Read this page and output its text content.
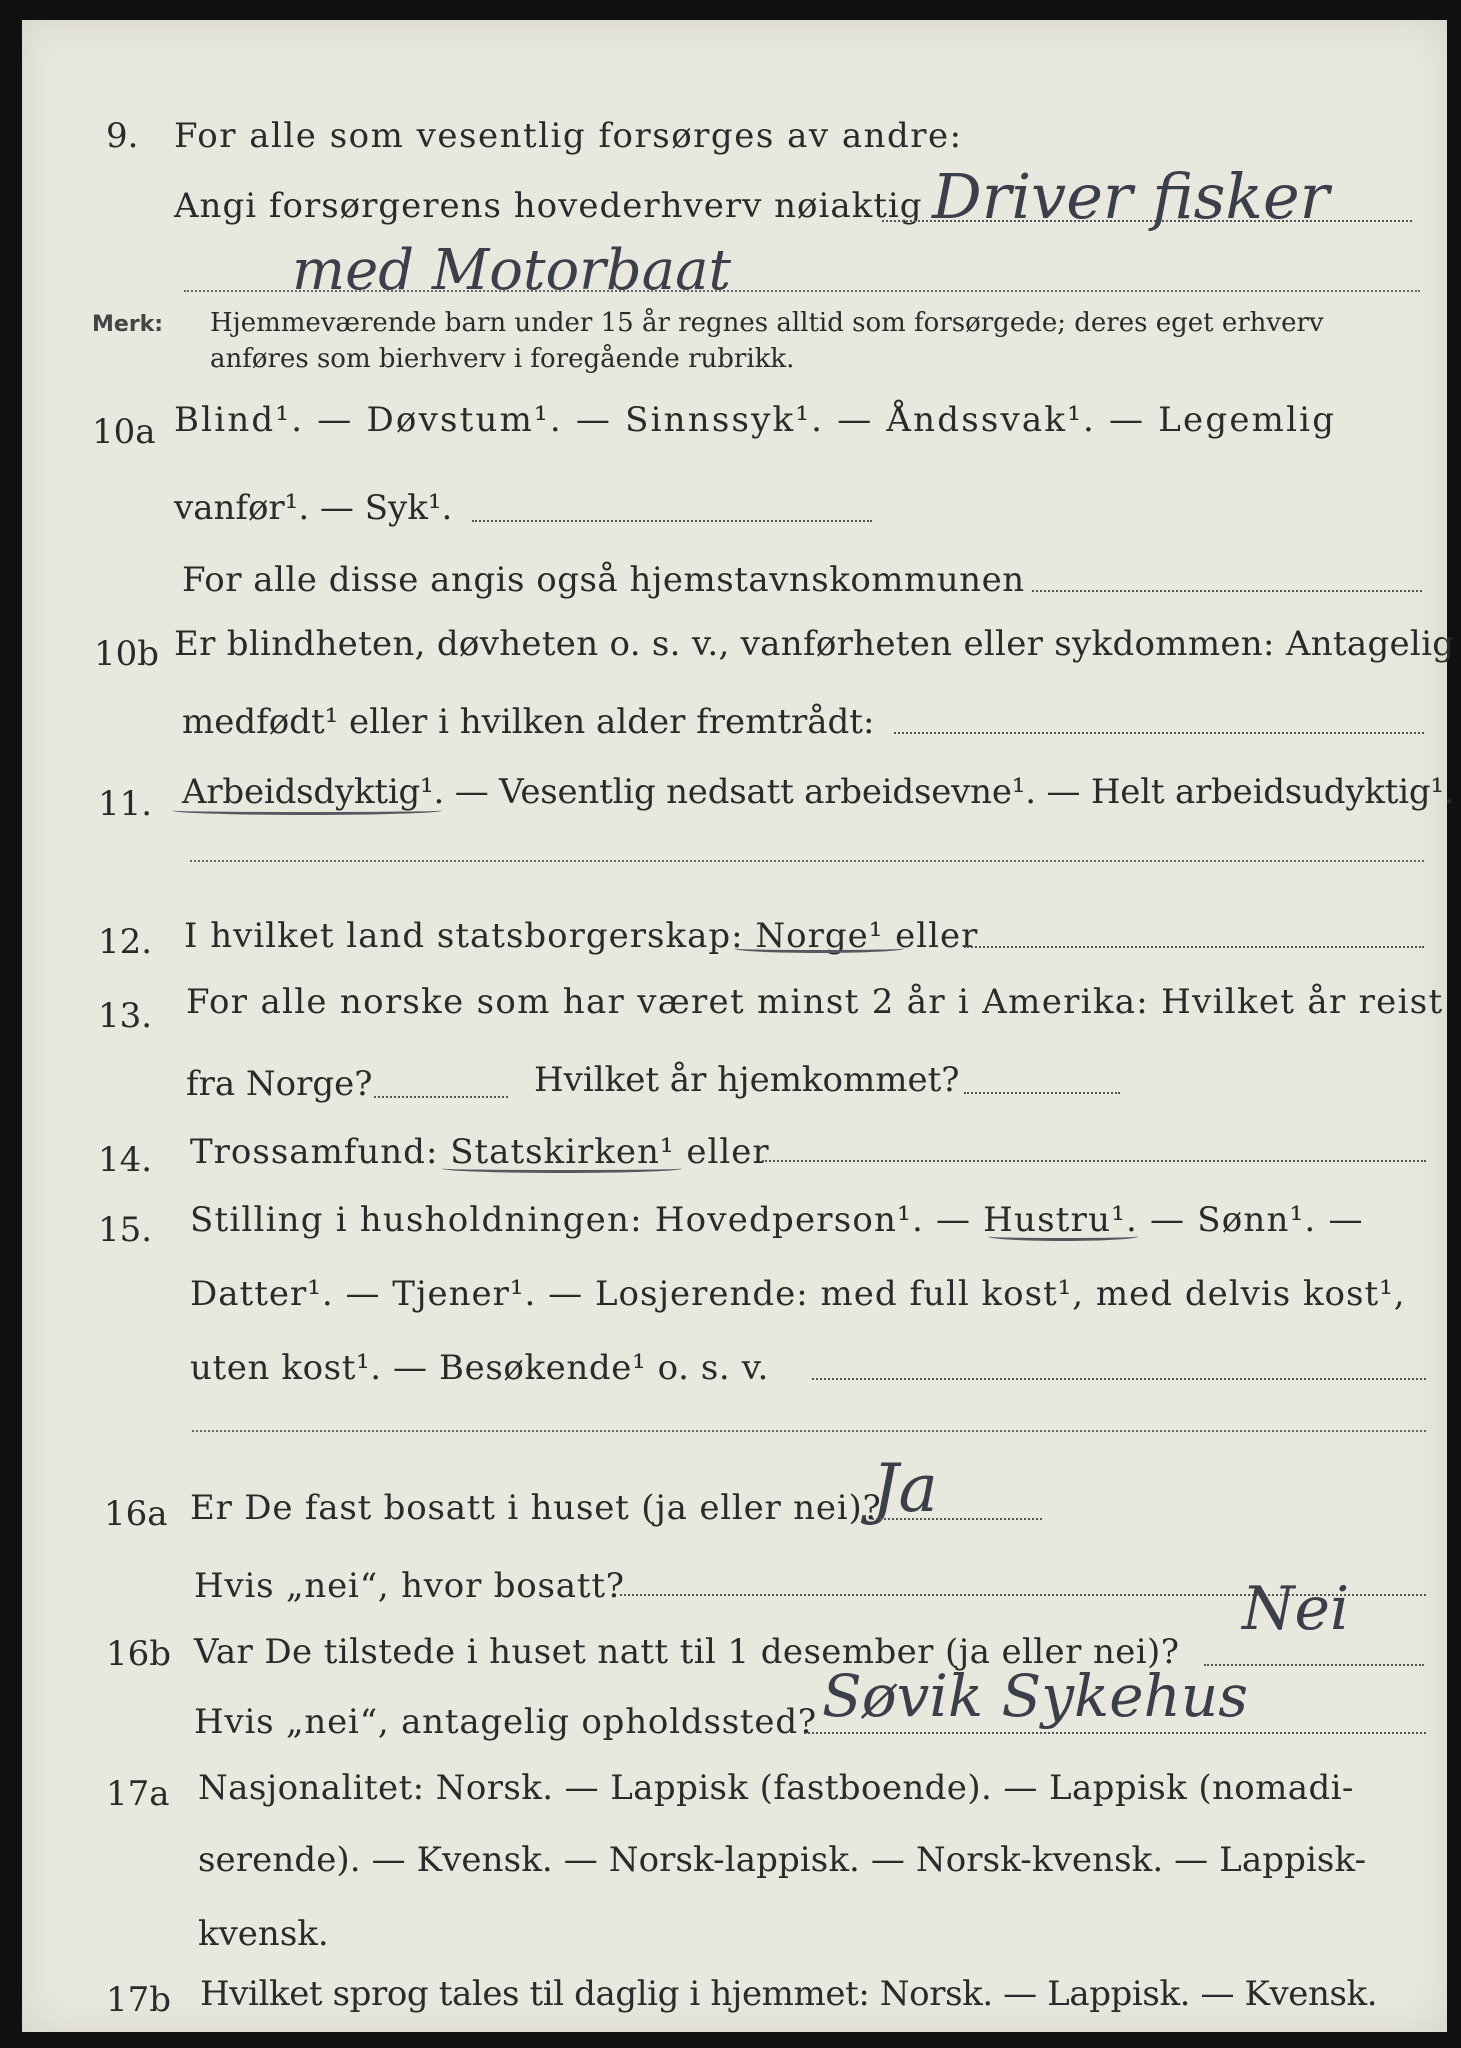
9. For alle som vesentlig forsørges av andre:
Angi forsørgerens hovederhverv nøiaktig Driver fisker
med Motorbaat
Merk: Hjemmeværende barn under 15 år regnes alltid som forsørgede; deres eget erhverv
anføres som bierhverv i foregående rubrikk.
10a Blind¹. — Døvstum¹. — Sinnssyk¹. — Åndssvak¹. — Legemlig
vanfør¹. — Syk¹.
For alle disse angis også hjemstavnskommunen
10b Er blindheten, døvheten o. s. v., vanførheten eller sykdommen: Antagelig
medfødt¹ eller i hvilken alder fremtrådt:
11. Arbeidsdyktig¹. — Vesentlig nedsatt arbeidsevne¹. — Helt arbeidsudyktig¹.
12. I hvilket land statsborgerskap: Norge¹ eller
13. For alle norske som har været minst 2 år i Amerika: Hvilket år reist
fra Norge?	Hvilket år hjemkommet?
14. Trossamfund: Statskirken¹ eller
15. Stilling i husholdningen: Hovedperson¹. — Hustru¹. — Sønn¹. —
Datter¹. — Tjener¹. — Losjerende: med full kost¹, med delvis kost¹,
uten kost¹. — Besøkende¹ o. s. v.
16a Er De fast bosatt i huset (ja eller nei)?
Ja
Hvis „nei“, hvor bosatt?
16b Var De tilstede i huset natt til 1 desember (ja eller nei)?
Nei
Hvis „nei“, antagelig opholdssted? Søvik Sykehus
17a Nasjonalitet: Norsk. — Lappisk (fastboende). — Lappisk (nomadi-
serende). — Kvensk. — Norsk-lappisk. — Norsk-kvensk. — Lappisk-
kvensk.
17b Hvilket sprog tales til daglig i hjemmet: Norsk. — Lappisk. — Kvensk.
